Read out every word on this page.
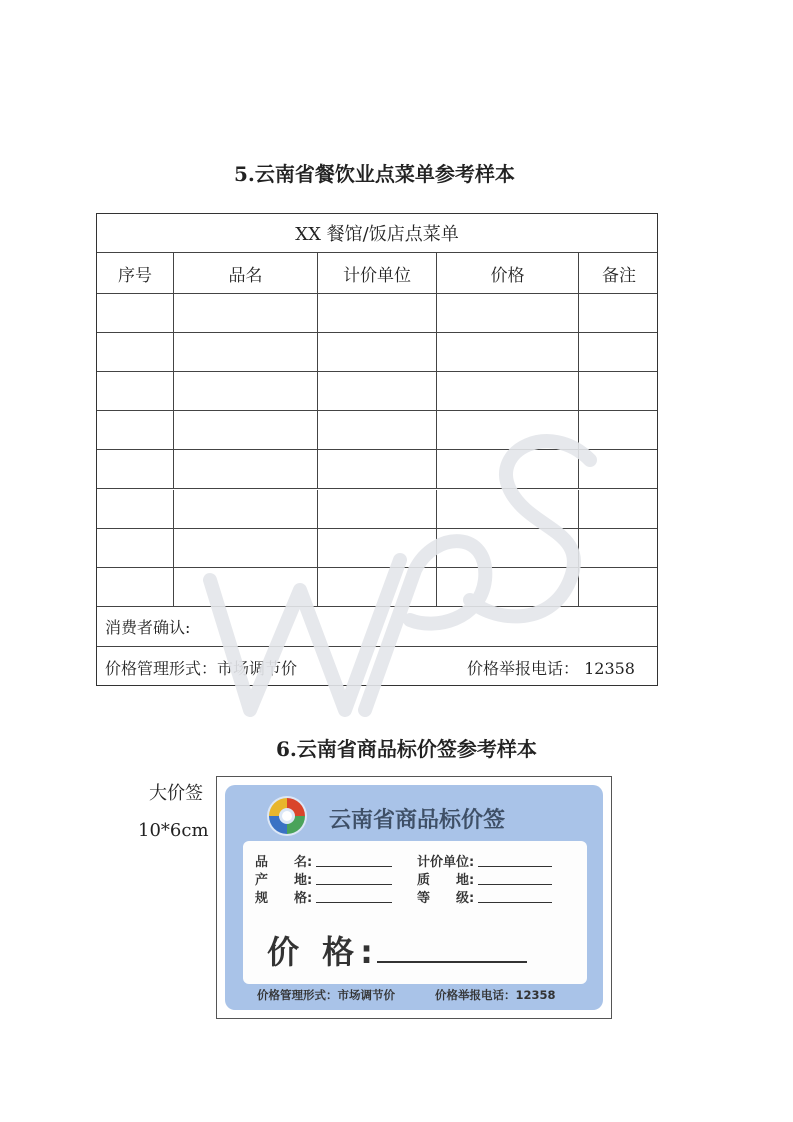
5.云南省餐饮业点菜单参考样本
XX 餐馆/饭店点菜单
序号	品名	计价单位	价格	备注
消费者确认:
价格管理形式：市场调节价	价格举报电话： 12358
6.云南省商品标价签参考样本
大价签
10*6cm	云南省商品标价签
品　　名:
产　　地:
规　　格:
计价单位:
质　　地:
等　　级:
价 格:
价格管理形式：市场调节价	价格举报电话：12358
